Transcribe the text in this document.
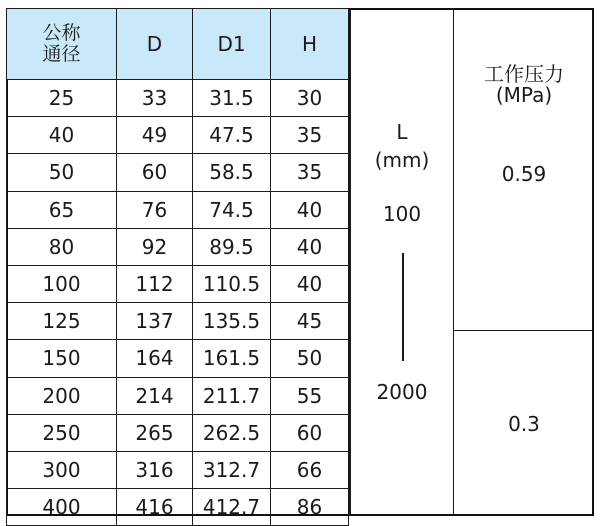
公称
通径	D	D1	H
25	33	31.5	30
40	49	47.5	35
50	60	58.5	35
65	76	74.5	40
80	92	89.5	40
100	112	110.5	40
125	137	135.5	45
150	164	161.5	50
200	214	211.7	55
250	265	262.5	60
300	316	312.7	66
400	416	412.7	86
L
(mm)
100
2000
工作压力
(MPa)
0.59
0.3
